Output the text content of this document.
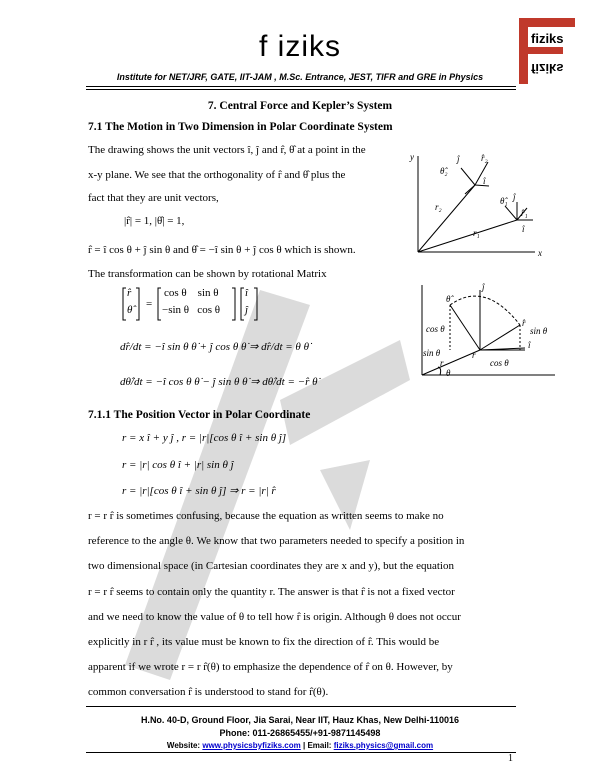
f iziks
Institute for NET/JRF, GATE, IIT-JAM , M.Sc. Entrance, JEST, TIFR and GRE in Physics
fiziks
fiziks
7. Central Force and Kepler’s System
7.1 The Motion in Two Dimension in Polar Coordinate System
The drawing shows the unit vectors î, ĵ and r̂, θ̂ at a point in the
x-y plane. We see that the orthogonality of r̂ and θ̂ plus the
fact that they are unit vectors,
|r̂| = 1, |θ̂| = 1,
r̂ = î cos θ + ĵ sin θ and θ̂ = −î sin θ + ĵ cos θ which is shown.
The transformation can be shown by rotational Matrix
=
r̂
θ̂
cos θ    sin θ
−sin θ   cos θ
î
ĵ
dr̂/dt = −î sin θ θ̇ + ĵ cos θ θ̇ ⇒ dr̂/dt = θ θ̇
dθ̂/dt = −î cos θ θ̇ − ĵ sin θ θ̇ ⇒ dθ̂/dt = −r̂ θ̇
7.1.1 The Position Vector in Polar Coordinate
r = x î + y ĵ , r = |r|[cos θ î + sin θ ĵ]
r = |r| cos θ î + |r| sin θ ĵ
r = |r|[cos θ î + sin θ ĵ] ⇒ r = |r| r̂
r = r r̂ is sometimes confusing, because the equation as written seems to make no
reference to the angle θ. We know that two parameters needed to specify a position in
two dimensional space (in Cartesian coordinates they are x and y), but the equation
r = r r̂ seems to contain only the quantity r. The answer is that r̂ is not a fixed vector
and we need to know the value of θ to tell how r̂ is origin. Although θ does not occur
explicitly in r r̂ , its value must be known to fix the direction of r̂. This would be
apparent if we wrote r = r r̂(θ) to emphasize the dependence of r̂ on θ. However, by
common conversation r̂ is understood to stand for r̂(θ).
x
y	ĵ r̂₂
θ̂₂
î
r₂
θ̂₁ ĵ
r̂₁
r₁	î
θ̂
ĵ
r̂
cos θ	sin θ
sin θ	r
î
r
θ
cos θ
H.No. 40-D, Ground Floor, Jia Sarai, Near IIT, Hauz Khas, New Delhi-110016
Phone: 011-26865455/+91-9871145498
Website: www.physicsbyfiziks.com | Email: fiziks.physics@gmail.com
1
